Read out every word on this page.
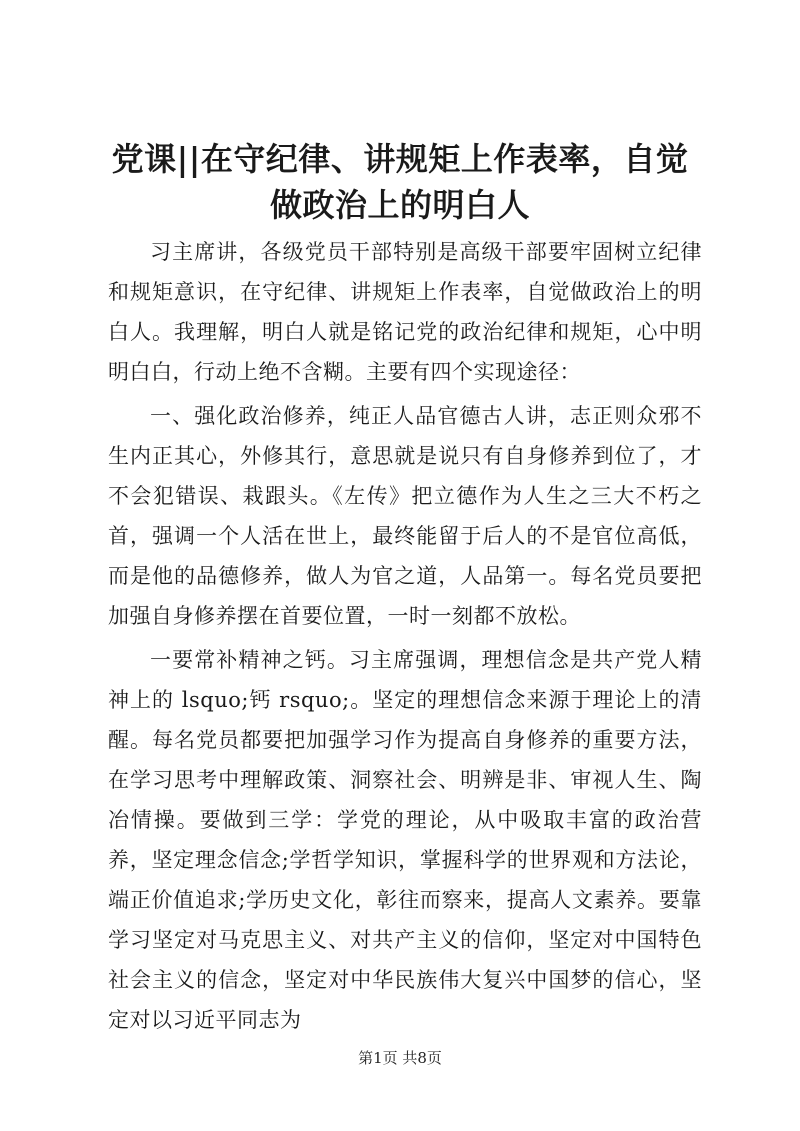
党课||在守纪律、讲规矩上作表率，自觉做政治上的明白人

习主席讲，各级党员干部特别是高级干部要牢固树立纪律和规矩意识，在守纪律、讲规矩上作表率，自觉做政治上的明白人。我理解，明白人就是铭记党的政治纪律和规矩，心中明明白白，行动上绝不含糊。主要有四个实现途径：

一、强化政治修养，纯正人品官德古人讲，志正则众邪不生内正其心，外修其行，意思就是说只有自身修养到位了，才不会犯错误、栽跟头。《左传》把立德作为人生之三大不朽之首，强调一个人活在世上，最终能留于后人的不是官位高低，而是他的品德修养，做人为官之道，人品第一。每名党员要把加强自身修养摆在首要位置，一时一刻都不放松。

一要常补精神之钙。习主席强调，理想信念是共产党人精神上的 lsquo;钙 rsquo;。坚定的理想信念来源于理论上的清醒。每名党员都要把加强学习作为提高自身修养的重要方法，在学习思考中理解政策、洞察社会、明辨是非、审视人生、陶冶情操。要做到三学：学党的理论，从中吸取丰富的政治营养，坚定理念信念;学哲学知识，掌握科学的世界观和方法论，端正价值追求;学历史文化，彰往而察来，提高人文素养。要靠学习坚定对马克思主义、对共产主义的信仰，坚定对中国特色社会主义的信念，坚定对中华民族伟大复兴中国梦的信心，坚定对以习近平同志为

第1页 共8页
